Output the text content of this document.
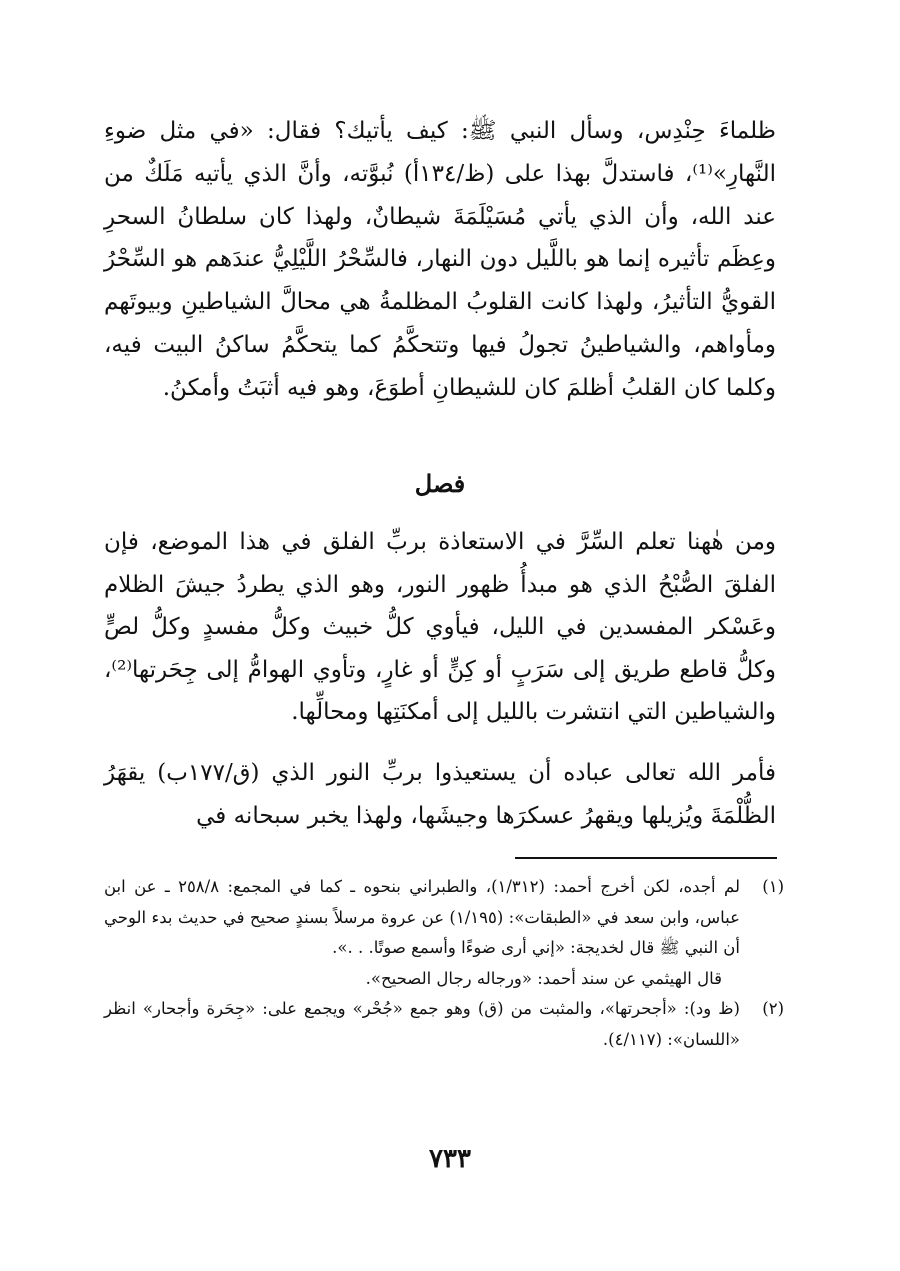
ظلماءَ حِنْدِس، وسأل النبي ﷺ: كيف يأتيك؟ فقال: «في مثل ضوءِ النَّهارِ»⁽¹⁾، فاستدلَّ بهذا على (ظ/١٣٤أ) نُبوَّته، وأنَّ الذي يأتيه مَلَكٌ من عند الله، وأن الذي يأتي مُسَيْلَمَةَ شيطانٌ، ولهذا كان سلطانُ السحرِ وعِظَم تأثيره إنما هو باللَّيل دون النهار، فالسِّحْرُ اللَّيْلِيُّ عندَهم هو السِّحْرُ القويُّ التأثيرُ، ولهذا كانت القلوبُ المظلمةُ هي محالَّ الشياطينِ وبيوتَهم ومأواهم، والشياطينُ تجولُ فيها وتتحكَّمُ كما يتحكَّمُ ساكنُ البيت فيه، وكلما كان القلبُ أظلمَ كان للشيطانِ أطوَعَ، وهو فيه أثبَتُ وأمكنُ.
فصل
ومن هٰهنا تعلم السِّرَّ في الاستعاذة بربِّ الفلق في هذا الموضع، فإن الفلقَ الصُّبْحُ الذي هو مبدأُ ظهور النور، وهو الذي يطردُ جيشَ الظلام وعَسْكر المفسدين في الليل، فيأوي كلُّ خبيث وكلُّ مفسدٍ وكلُّ لصٍّ وكلُّ قاطع طريق إلى سَرَبٍ أو كِنٍّ أو غارٍ، وتأوي الهوامُّ إلى جِحَرتها⁽²⁾، والشياطين التي انتشرت بالليل إلى أمكنَتِها ومحالِّها.
فأمر الله تعالى عباده أن يستعيذوا بربِّ النور الذي (ق/١٧٧ب) يقهَرُ الظُّلْمَةَ ويُزيلها ويقهرُ عسكرَها وجيشَها، ولهذا يخبر سبحانه في
(١)
لم أجده، لكن أخرج أحمد: (١/٣١٢)، والطبراني بنحوه ـ كما في المجمع: ٢٥٨/٨ ـ عن ابن عباس، وابن سعد في «الطبقات»: (١/١٩٥) عن عروة مرسلاً بسندٍ صحيح في حديث بدء الوحي أن النبي ﷺ قال لخديجة: «إني أرى ضوءًا وأسمع صوتًا. . .».
قال الهيثمي عن سند أحمد: «ورجاله رجال الصحيح».
(٢)
(ظ ود): «أجحرتها»، والمثبت من (ق) وهو جمع «جُحْر» ويجمع على: «جِحَرة وأجحار» انظر «اللسان»: (٤/١١٧).
٧٣٣
